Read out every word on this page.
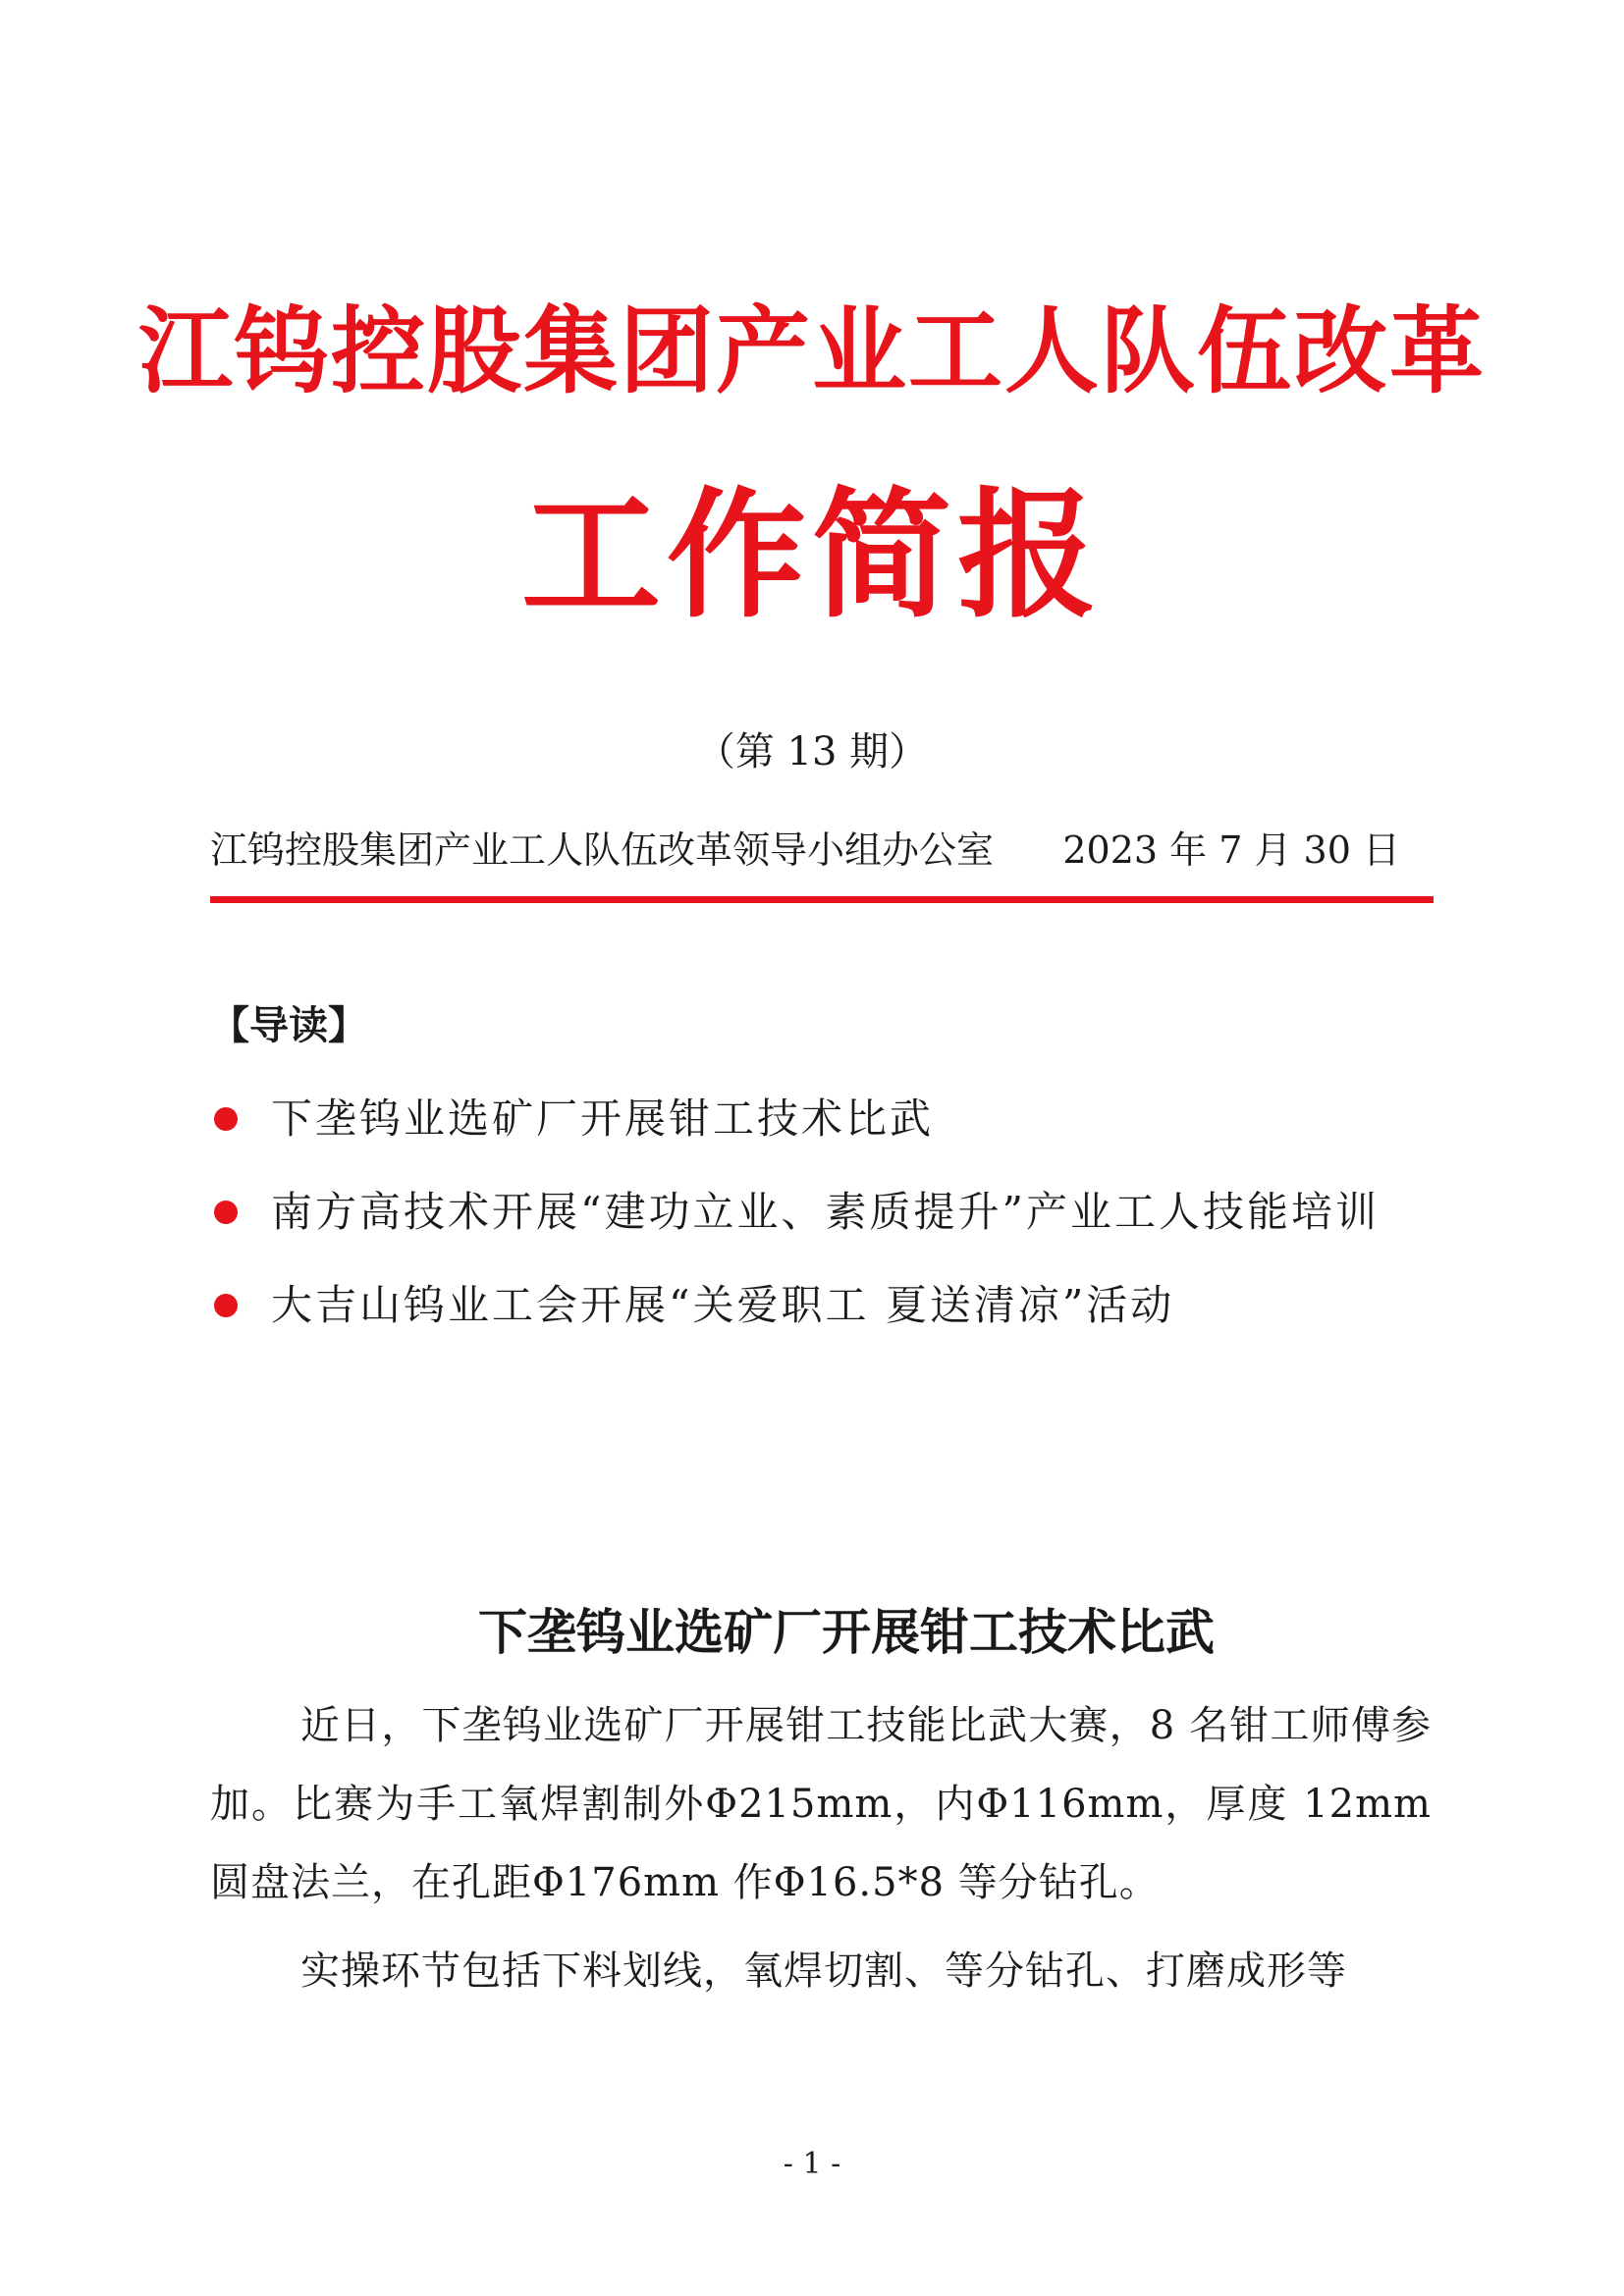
江钨控股集团产业工人队伍改革
工作简报
（第 13 期）
江钨控股集团产业工人队伍改革领导小组办公室 2023 年 7 月 30 日
【导读】
下垄钨业选矿厂开展钳工技术比武
南方高技术开展“建功立业、素质提升”产业工人技能培训
大吉山钨业工会开展“关爱职工 夏送清凉”活动
下垄钨业选矿厂开展钳工技术比武

近日，下垄钨业选矿厂开展钳工技能比武大赛，8 名钳工师傅参加。比赛为手工氧焊割制外Φ215mm，内Φ116mm，厚度 12mm 圆盘法兰，在孔距Φ176mm 作Φ16.5*8 等分钻孔。

实操环节包括下料划线，氧焊切割、等分钻孔、打磨成形等

- 1 -
